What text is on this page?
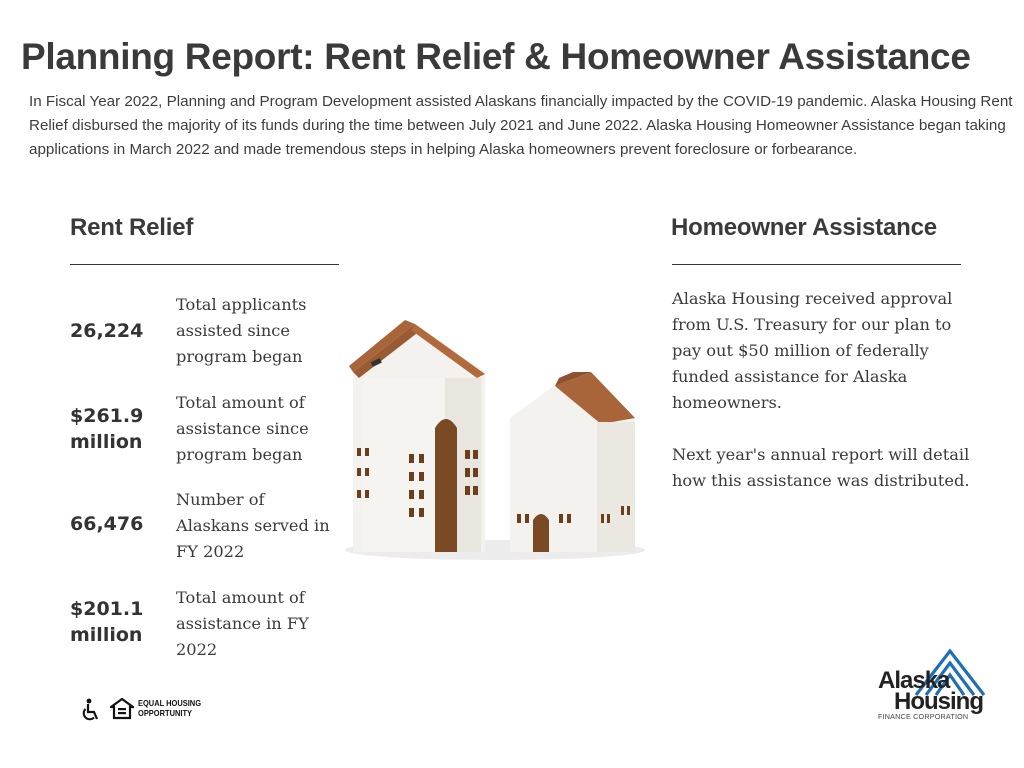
Planning Report: Rent Relief & Homeowner Assistance
In Fiscal Year 2022, Planning and Program Development assisted Alaskans financially impacted by the COVID-19 pandemic. Alaska Housing Rent Relief disbursed the majority of its funds during the time between July 2021 and June 2022. Alaska Housing Homeowner Assistance began taking applications in March 2022 and made tremendous steps in helping Alaska homeowners prevent foreclosure or forbearance.
Rent Relief
26,224
Total applicants assisted since program began
$261.9 million
Total amount of assistance since program began
66,476
Number of Alaskans served in FY 2022
$201.1 million
Total amount of assistance in FY 2022
Homeowner Assistance
Alaska Housing received approval from U.S. Treasury for our plan to pay out $50 million of federally funded assistance for Alaska homeowners.
Next year's annual report will detail how this assistance was distributed.
EQUAL HOUSING
OPPORTUNITY
Alaska
Housing
FINANCE CORPORATION
